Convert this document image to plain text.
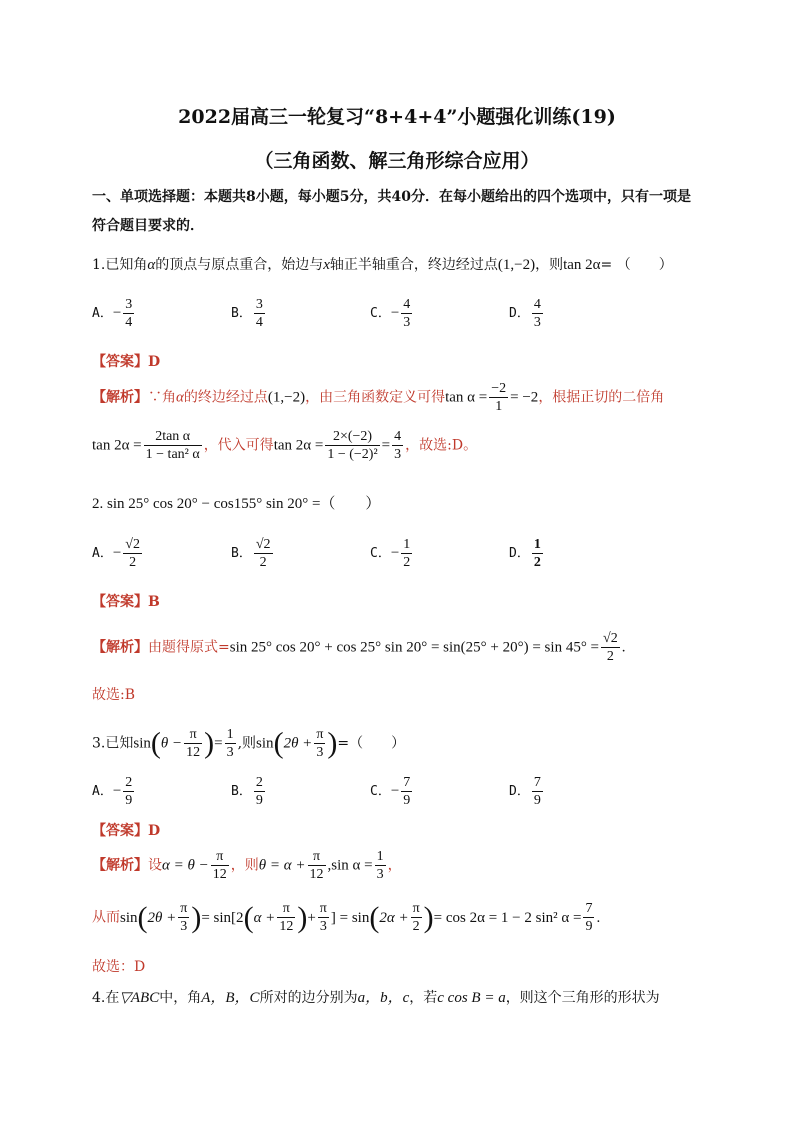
2022届高三一轮复习“8+4+4”小题强化训练(19)
（三角函数、解三角形综合应用）
一、单项选择题：本题共8小题，每小题5分，共40分．在每小题给出的四个选项中，只有一项是
符合题目要求的．
1.已知角α的顶点与原点重合，始边与x轴正半轴重合，终边经过点(1,−2)，则tan 2α= （　　）
A．− $\frac{3}{4}$	B． $\frac{3}{4}$	C．− $\frac{4}{3}$	D． $\frac{4}{3}$
【答案】D
【解析】∵角α的终边经过点(1,−2)，由三角函数定义可得$\tan \alpha = \frac{-2}{1} = -2$，根据正切的二倍角
$\tan 2\alpha = \frac{\text{2tan α}}{\text{1 − tan² α}}$ ，代入可得$\tan 2\alpha = \frac{2\times(-2)}{\text{1 − (−2)²}} = \frac{4}{3}$ ，故选:D。
2. sin 25° cos 20° − cos155° sin 20° =（　　）
A．− $\frac{√2}{2}$	B． $\frac{√2}{2}$	C．− $\frac{1}{2}$	D． $\frac{1}{2}$
【答案】B
【解析】由题得原式=sin 25° cos 20° + cos 25° $\sin 20^\circ = \sin(25^\circ + 20^\circ) = \sin 45^\circ = \frac{√2}{2}$ .
故选:B
3.已知$\sin(\theta - \frac{\pi}{12}$ )= $\frac{1}{3}$ ,则$\sin(2\theta + \frac{\pi}{3}$ )=（　　）
A．− $\frac{2}{9}$	B． $\frac{2}{9}$	C．− $\frac{7}{9}$	D． $\frac{7}{9}$
【答案】D
【解析】设$\alpha = \theta - \frac{\pi}{12}$ ，则$\theta = \alpha + \frac{\pi}{12} ,\sin$ $\alpha = \frac{1}{3}$ ，
从而$\sin(2\theta + \frac{\pi}{3}$ )= $\sin[2(\alpha + \frac{\pi}{12}$ )+ $\frac{\pi}{3}$ ] = $\sin(2\alpha + \frac{\pi}{2}$ )= cos 2α = 1 − 2 sin² $\alpha = \frac{7}{9}$ .
故选：D
4.在▽ABC中，角A，B，C所对的边分别为a，b，c，若c cos B = a，则这个三角形的形状为
